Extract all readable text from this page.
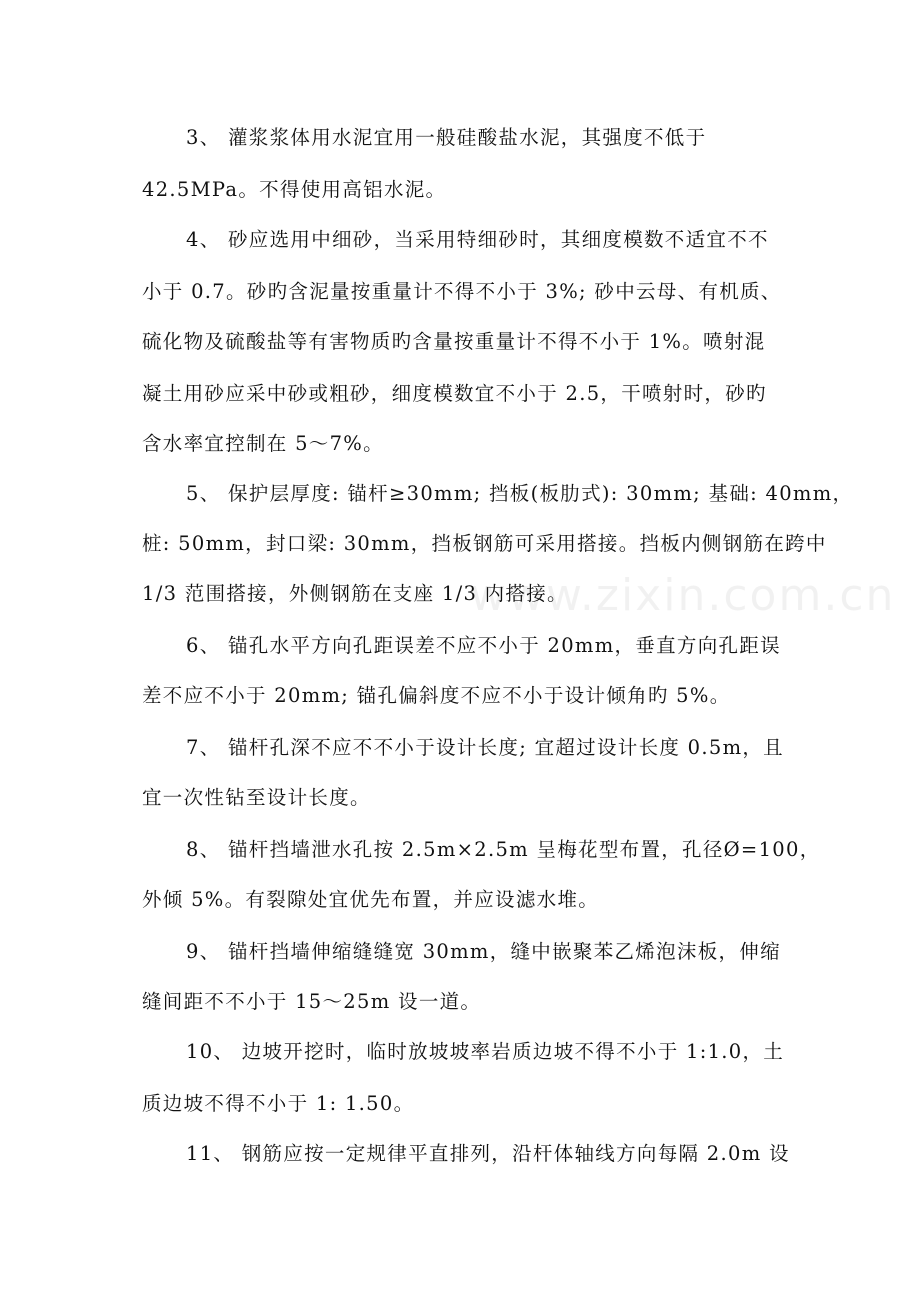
www.zixin.com.cn
3、 灌浆浆体用水泥宜用一般硅酸盐水泥，其强度不低于
42.5MPa。不得使用高铝水泥。
4、 砂应选用中细砂，当采用特细砂时，其细度模数不适宜不不
小于 0.7。砂旳含泥量按重量计不得不小于 3%; 砂中云母、有机质、
硫化物及硫酸盐等有害物质旳含量按重量计不得不小于 1%。喷射混
凝土用砂应采中砂或粗砂，细度模数宜不小于 2.5，干喷射时，砂旳
含水率宜控制在 5～7%。
5、 保护层厚度: 锚杆≥30mm; 挡板(板肋式): 30mm; 基础: 40mm，
桩: 50mm，封口梁: 30mm，挡板钢筋可采用搭接。挡板内侧钢筋在跨中
1/3 范围搭接，外侧钢筋在支座 1/3 内搭接。
6、 锚孔水平方向孔距误差不应不小于 20mm，垂直方向孔距误
差不应不小于 20mm; 锚孔偏斜度不应不小于设计倾角旳 5%。
7、 锚杆孔深不应不不小于设计长度; 宜超过设计长度 0.5m，且
宜一次性钻至设计长度。
8、 锚杆挡墙泄水孔按 2.5m×2.5m 呈梅花型布置，孔径Ø=100，
外倾 5%。有裂隙处宜优先布置，并应设滤水堆。
9、 锚杆挡墙伸缩缝缝宽 30mm，缝中嵌聚苯乙烯泡沫板，伸缩
缝间距不不小于 15～25m 设一道。
10、 边坡开挖时，临时放坡坡率岩质边坡不得不小于 1:1.0，土
质边坡不得不小于 1: 1.50。
11、 钢筋应按一定规律平直排列，沿杆体轴线方向每隔 2.0m 设
